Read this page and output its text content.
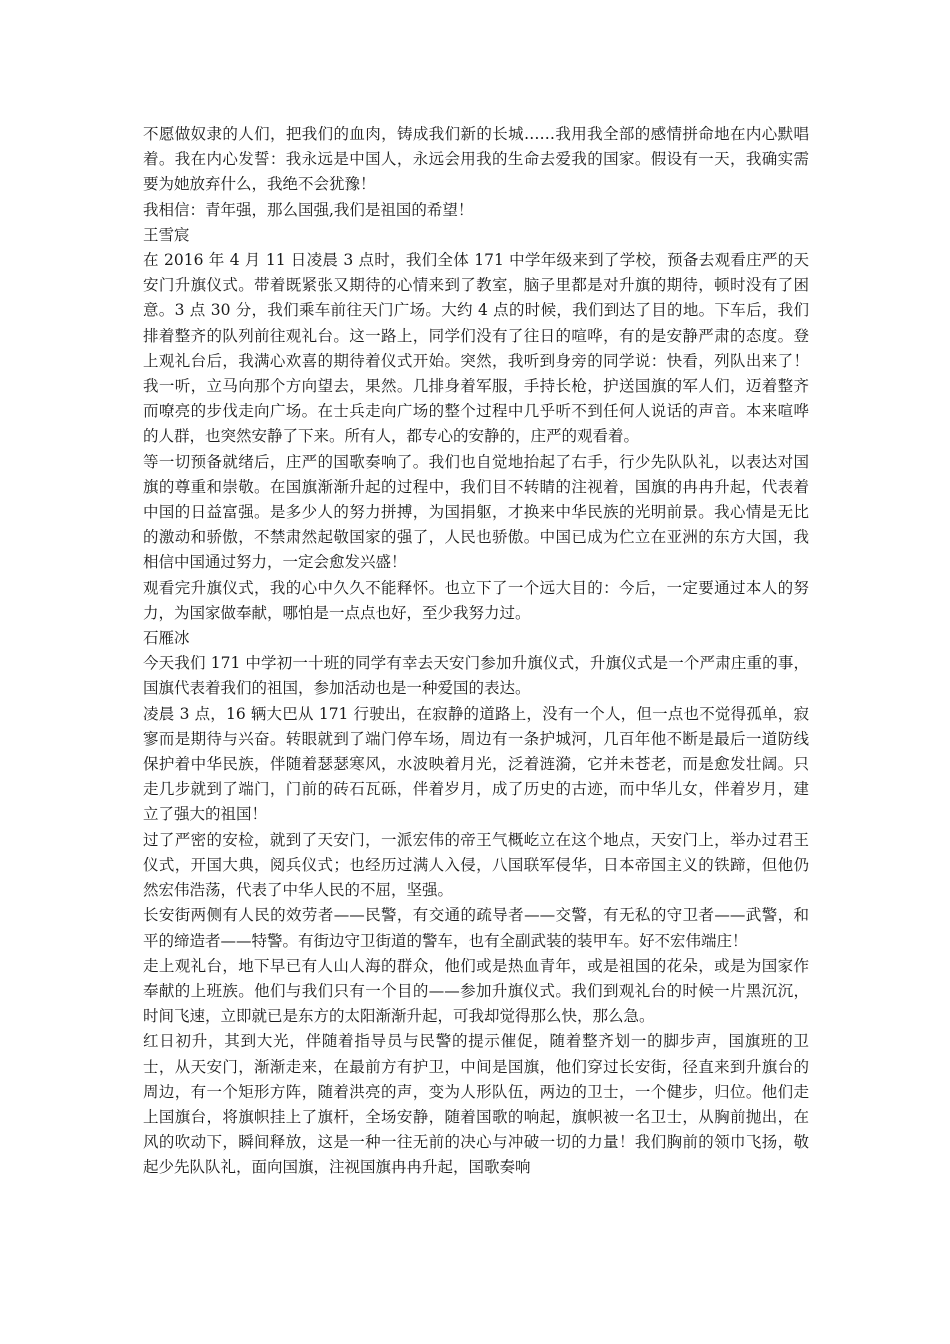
不愿做奴隶的人们，把我们的血肉，铸成我们新的长城……我用我全部的感情拼命地在内心默唱着。我在内心发誓：我永远是中国人，永远会用我的生命去爱我的国家。假设有一天，我确实需要为她放弃什么，我绝不会犹豫！

我相信：青年强，那么国强,我们是祖国的希望！

王雪宸

在 2016 年 4 月 11 日凌晨 3 点时，我们全体 171 中学年级来到了学校，预备去观看庄严的天安门升旗仪式。带着既紧张又期待的心情来到了教室，脑子里都是对升旗的期待，顿时没有了困意。3 点 30 分，我们乘车前往天门广场。大约 4 点的时候，我们到达了目的地。下车后，我们排着整齐的队列前往观礼台。这一路上，同学们没有了往日的喧哗，有的是安静严肃的态度。登上观礼台后，我满心欢喜的期待着仪式开始。突然，我听到身旁的同学说：快看，列队出来了！我一听，立马向那个方向望去，果然。几排身着军服，手持长枪，护送国旗的军人们，迈着整齐而嘹亮的步伐走向广场。在士兵走向广场的整个过程中几乎听不到任何人说话的声音。本来喧哗的人群，也突然安静了下来。所有人，都专心的安静的，庄严的观看着。

等一切预备就绪后，庄严的国歌奏响了。我们也自觉地抬起了右手，行少先队队礼，以表达对国旗的尊重和崇敬。在国旗渐渐升起的过程中，我们目不转睛的注视着，国旗的冉冉升起，代表着中国的日益富强。是多少人的努力拼搏，为国捐躯，才换来中华民族的光明前景。我心情是无比的激动和骄傲，不禁肃然起敬国家的强了，人民也骄傲。中国已成为伫立在亚洲的东方大国，我相信中国通过努力，一定会愈发兴盛！

观看完升旗仪式，我的心中久久不能释怀。也立下了一个远大目的：今后，一定要通过本人的努力，为国家做奉献，哪怕是一点点也好，至少我努力过。

石雁冰

今天我们 171 中学初一十班的同学有幸去天安门参加升旗仪式，升旗仪式是一个严肃庄重的事，国旗代表着我们的祖国，参加活动也是一种爱国的表达。

凌晨 3 点，16 辆大巴从 171 行驶出，在寂静的道路上，没有一个人，但一点也不觉得孤单，寂寥而是期待与兴奋。转眼就到了端门停车场，周边有一条护城河，几百年他不断是最后一道防线保护着中华民族，伴随着瑟瑟寒风，水波映着月光，泛着涟漪，它并未苍老，而是愈发壮阔。只走几步就到了端门，门前的砖石瓦砾，伴着岁月，成了历史的古迹，而中华儿女，伴着岁月，建立了强大的祖国！

过了严密的安检，就到了天安门，一派宏伟的帝王气概屹立在这个地点，天安门上，举办过君王仪式，开国大典，阅兵仪式；也经历过满人入侵，八国联军侵华，日本帝国主义的铁蹄，但他仍然宏伟浩荡，代表了中华人民的不屈，坚强。

长安街两侧有人民的效劳者——民警，有交通的疏导者——交警，有无私的守卫者——武警，和平的缔造者——特警。有街边守卫街道的警车，也有全副武装的装甲车。好不宏伟端庄！

走上观礼台，地下早已有人山人海的群众，他们或是热血青年，或是祖国的花朵，或是为国家作奉献的上班族。他们与我们只有一个目的——参加升旗仪式。我们到观礼台的时候一片黑沉沉，时间飞速，立即就已是东方的太阳渐渐升起，可我却觉得那么快，那么急。

红日初升，其到大光，伴随着指导员与民警的提示催促，随着整齐划一的脚步声，国旗班的卫士，从天安门，渐渐走来，在最前方有护卫，中间是国旗，他们穿过长安街，径直来到升旗台的周边，有一个矩形方阵，随着洪亮的声，变为人形队伍，两边的卫士，一个健步，归位。他们走上国旗台，将旗帜挂上了旗杆，全场安静，随着国歌的响起，旗帜被一名卫士，从胸前抛出，在风的吹动下，瞬间释放，这是一种一往无前的决心与冲破一切的力量！我们胸前的领巾飞扬，敬起少先队队礼，面向国旗，注视国旗冉冉升起，国歌奏响
